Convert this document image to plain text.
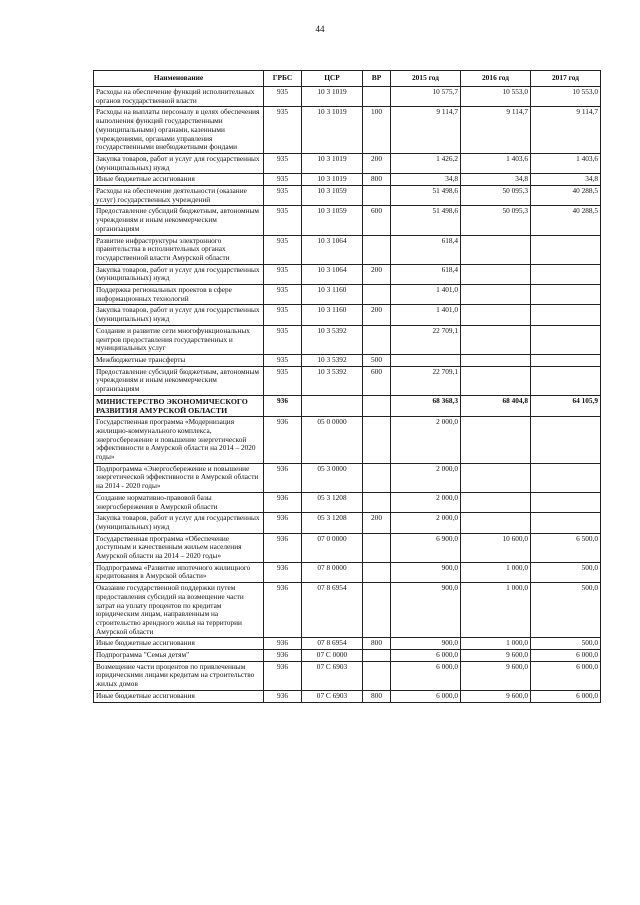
44
Наименование	ГРБС	ЦСР	ВР	2015 год	2016 год	2017 год
Расходы на обеспечение функций исполнительных органов государственной власти	935	10 3 1019		10 575,7	10 553,0	10 553,0
Расходы на выплаты персоналу в целях обеспечения выполнения функций государственными (муниципальными) органами, казенными учреждениями, органами управления государственными внебюджетными фондами	935	10 3 1019	100	9 114,7	9 114,7	9 114,7
Закупка товаров, работ и услуг для государственных (муниципальных) нужд	935	10 3 1019	200	1 426,2	1 403,6	1 403,6
Иные бюджетные ассигнования	935	10 3 1019	800	34,8	34,8	34,8
Расходы на обеспечение деятельности (оказание услуг) государственных учреждений	935	10 3 1059		51 498,6	50 095,3	40 288,5
Предоставление субсидий бюджетным, автономным учреждениям и иным некоммерческим организациям	935	10 3 1059	600	51 498,6	50 095,3	40 288,5
Развитие инфраструктуры электронного правительства в исполнительных органах государственной власти Амурской области	935	10 3 1064		618,4		
Закупка товаров, работ и услуг для государственных (муниципальных) нужд	935	10 3 1064	200	618,4		
Поддержка региональных проектов в сфере информационных технологий	935	10 3 1160		1 401,0		
Закупка товаров, работ и услуг для государственных (муниципальных) нужд	935	10 3 1160	200	1 401,0		
Создание и развитие сети многофункциональных центров предоставления государственных и муниципальных услуг	935	10 3 5392		22 709,1		
Межбюджетные трансферты	935	10 3 5392	500			
Предоставление субсидий бюджетным, автономным учреждениям и иным некоммерческим организациям	935	10 3 5392	600	22 709,1		
МИНИСТЕРСТВО ЭКОНОМИЧЕСКОГО РАЗВИТИЯ АМУРСКОЙ ОБЛАСТИ	936			68 368,3	68 404,8	64 105,9
Государственная программа «Модернизация жилищно-коммунального комплекса, энергосбережение и повышение энергетической эффективности в Амурской области на 2014 – 2020 годы»	936	05 0 0000		2 000,0		
Подпрограмма «Энергосбережение и повышение энергетической эффективности в Амурской области на 2014 - 2020 годы»	936	05 3 0000		2 000,0		
Создание нормативно-правовой базы энергосбережения в Амурской области	936	05 3 1208		2 000,0		
Закупка товаров, работ и услуг для государственных (муниципальных) нужд	936	05 3 1208	200	2 000,0		
Государственная программа «Обеспечение доступным и качественным жильем населения Амурской области на 2014 – 2020 годы»	936	07 0 0000		6 900,0	10 600,0	6 500,0
Подпрограмма «Развитие ипотечного жилищного кредитования в Амурской области»	936	07 8 0000		900,0	1 000,0	500,0
Оказание государственной поддержки путем предоставления субсидий на возмещение части затрат на уплату процентов по кредитам юридическим лицам, направленным на строительство арендного жилья на территории Амурской области	936	07 8 6954		900,0	1 000,0	500,0
Иные бюджетные ассигнования	936	07 8 6954	800	900,0	1 000,0	500,0
Подпрограмма "Семья детям"	936	07 С 0000		6 000,0	9 600,0	6 000,0
Возмещение части процентов по привлеченным юридическими лицами кредитам на строительство жилых домов	936	07 С 6903		6 000,0	9 600,0	6 000,0
Иные бюджетные ассигнования	936	07 С 6903	800	6 000,0	9 600,0	6 000,0
